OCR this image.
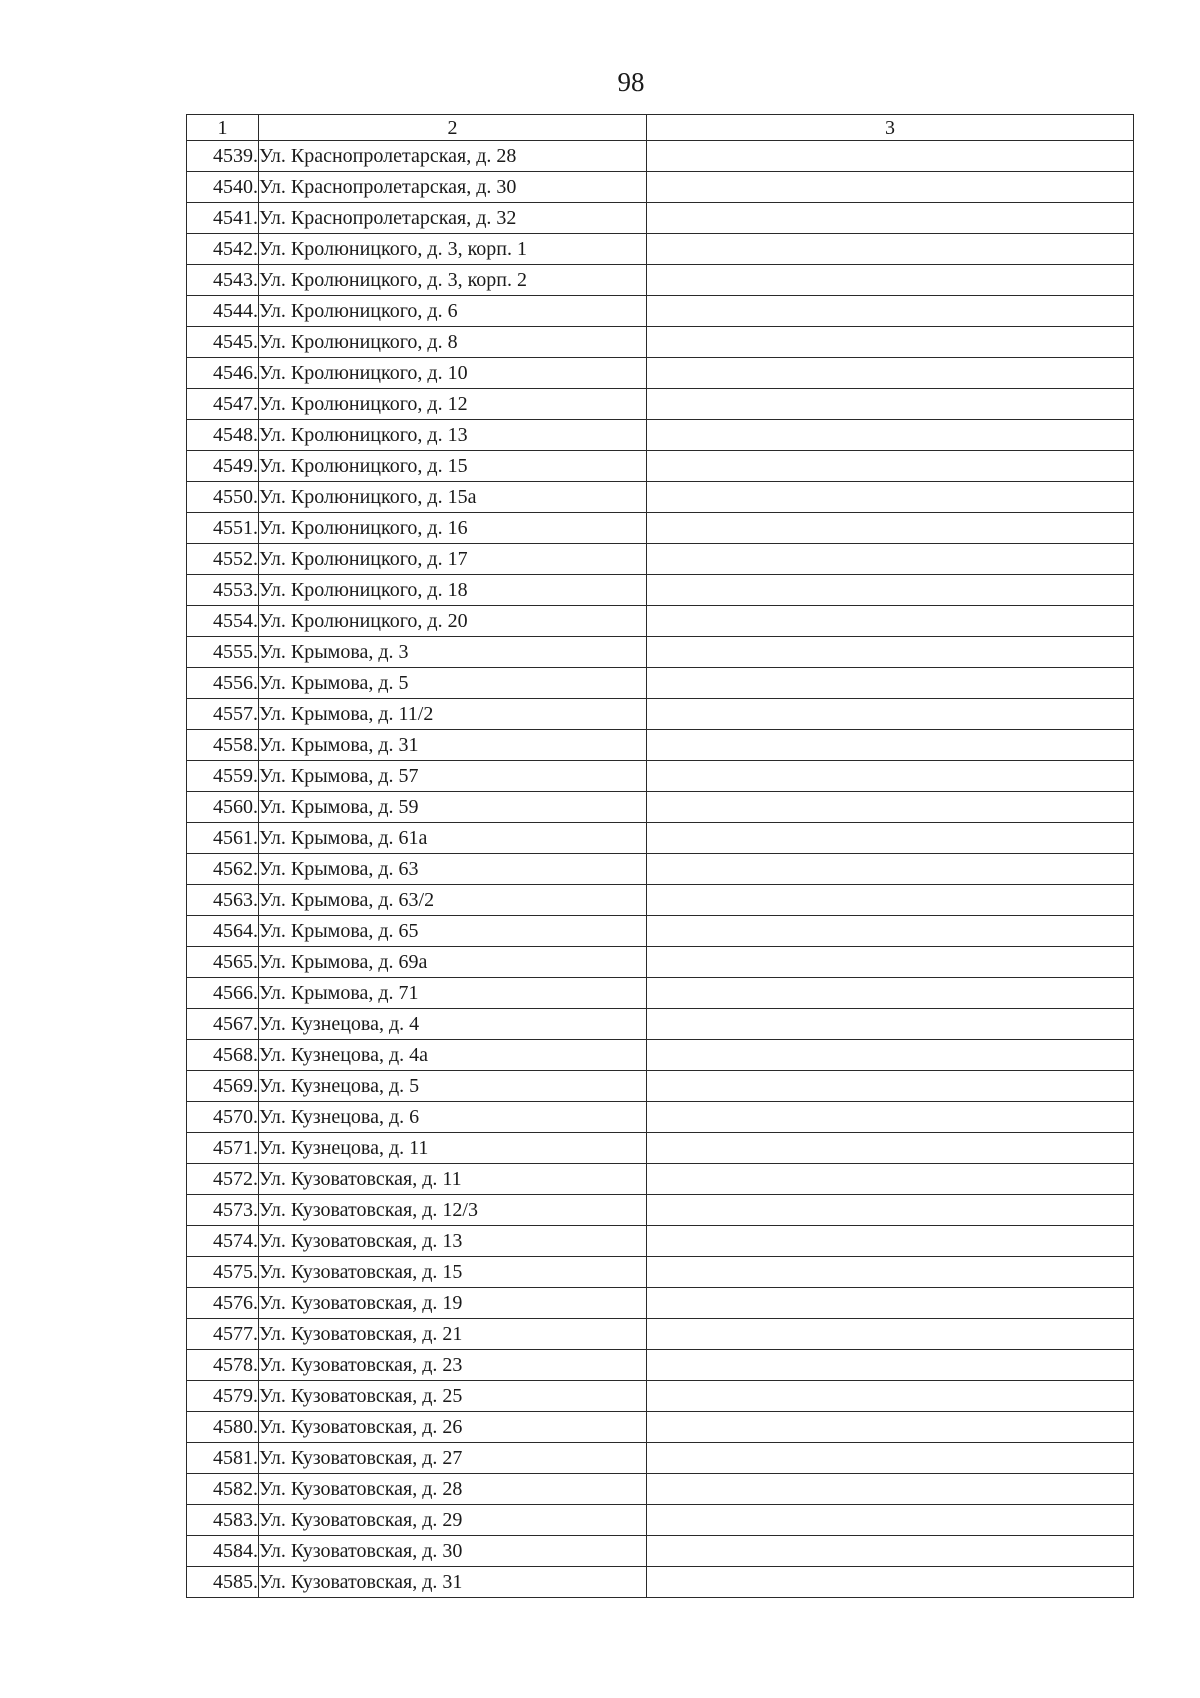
98
1	2	3
4539.	Ул. Краснопролетарская, д. 28	
4540.	Ул. Краснопролетарская, д. 30	
4541.	Ул. Краснопролетарская, д. 32	
4542.	Ул. Кролюницкого, д. 3, корп. 1	
4543.	Ул. Кролюницкого, д. 3, корп. 2	
4544.	Ул. Кролюницкого, д. 6	
4545.	Ул. Кролюницкого, д. 8	
4546.	Ул. Кролюницкого, д. 10	
4547.	Ул. Кролюницкого, д. 12	
4548.	Ул. Кролюницкого, д. 13	
4549.	Ул. Кролюницкого, д. 15	
4550.	Ул. Кролюницкого, д. 15а	
4551.	Ул. Кролюницкого, д. 16	
4552.	Ул. Кролюницкого, д. 17	
4553.	Ул. Кролюницкого, д. 18	
4554.	Ул. Кролюницкого, д. 20	
4555.	Ул. Крымова, д. 3	
4556.	Ул. Крымова, д. 5	
4557.	Ул. Крымова, д. 11/2	
4558.	Ул. Крымова, д. 31	
4559.	Ул. Крымова, д. 57	
4560.	Ул. Крымова, д. 59	
4561.	Ул. Крымова, д. 61а	
4562.	Ул. Крымова, д. 63	
4563.	Ул. Крымова, д. 63/2	
4564.	Ул. Крымова, д. 65	
4565.	Ул. Крымова, д. 69а	
4566.	Ул. Крымова, д. 71	
4567.	Ул. Кузнецова, д. 4	
4568.	Ул. Кузнецова, д. 4а	
4569.	Ул. Кузнецова, д. 5	
4570.	Ул. Кузнецова, д. 6	
4571.	Ул. Кузнецова, д. 11	
4572.	Ул. Кузоватовская, д. 11	
4573.	Ул. Кузоватовская, д. 12/3	
4574.	Ул. Кузоватовская, д. 13	
4575.	Ул. Кузоватовская, д. 15	
4576.	Ул. Кузоватовская, д. 19	
4577.	Ул. Кузоватовская, д. 21	
4578.	Ул. Кузоватовская, д. 23	
4579.	Ул. Кузоватовская, д. 25	
4580.	Ул. Кузоватовская, д. 26	
4581.	Ул. Кузоватовская, д. 27	
4582.	Ул. Кузоватовская, д. 28	
4583.	Ул. Кузоватовская, д. 29	
4584.	Ул. Кузоватовская, д. 30	
4585.	Ул. Кузоватовская, д. 31	
